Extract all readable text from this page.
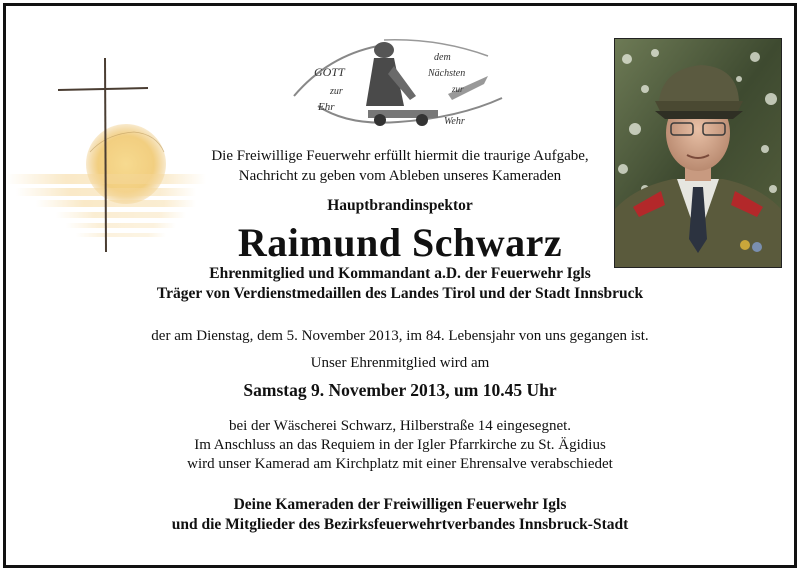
GOTT
zur
Ehr
dem
Nächsten
zur
Wehr
Die Freiwillige Feuerwehr erfüllt hiermit die traurige Aufgabe,
Nachricht zu geben vom Ableben unseres Kameraden
Hauptbrandinspektor
Raimund Schwarz
Ehrenmitglied und Kommandant a.D. der Feuerwehr Igls
Träger von Verdienstmedaillen des Landes Tirol und der Stadt Innsbruck
der am Dienstag, dem 5. November 2013, im 84. Lebensjahr von uns gegangen ist.
Unser Ehrenmitglied wird am
Samstag 9. November 2013, um 10.45 Uhr
bei der Wäscherei Schwarz, Hilberstraße 14 eingesegnet.
Im Anschluss an das Requiem in der Igler Pfarrkirche zu St. Ägidius
wird unser Kamerad am Kirchplatz mit einer Ehrensalve verabschiedet
Deine Kameraden der Freiwilligen Feuerwehr Igls
und die Mitglieder des Bezirksfeuerwehrtverbandes Innsbruck-Stadt
